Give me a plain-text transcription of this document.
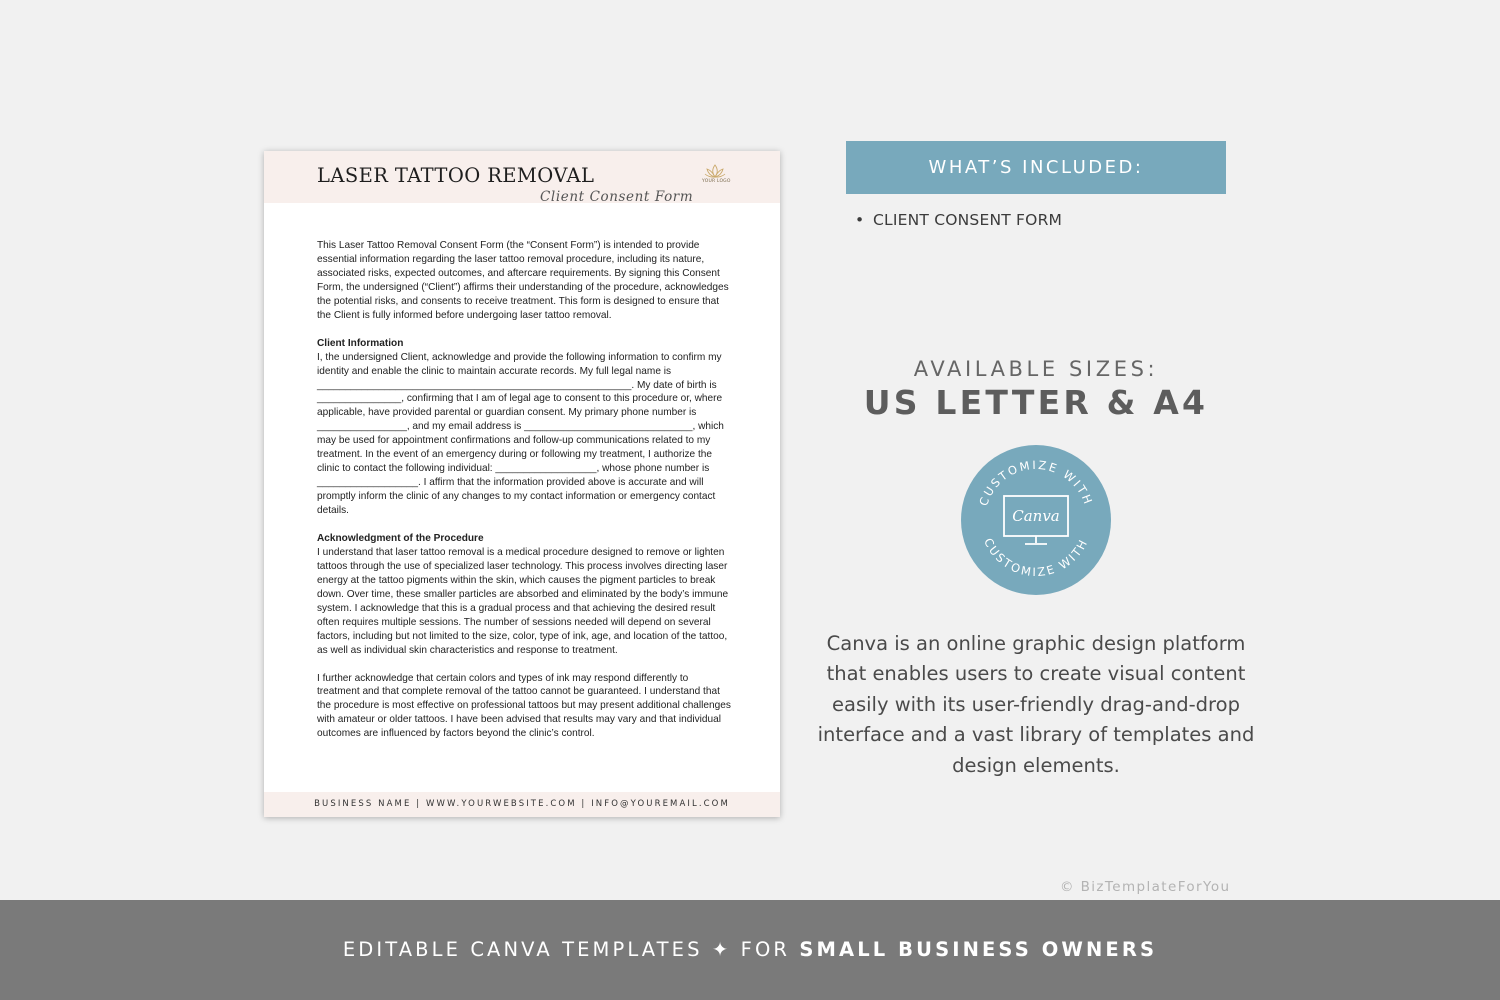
LASER TATTOO REMOVAL
Client Consent Form
YOUR LOGO

This Laser Tattoo Removal Consent Form (the “Consent Form”) is intended to provide essential information regarding the laser tattoo removal procedure, including its nature, associated risks, expected outcomes, and aftercare requirements. By signing this Consent Form, the undersigned (“Client”) affirms their understanding of the procedure, acknowledges the potential risks, and consents to receive treatment. This form is designed to ensure that the Client is fully informed before undergoing laser tattoo removal.

Client Information
I, the undersigned Client, acknowledge and provide the following information to confirm my identity and enable the clinic to maintain accurate records. My full legal name is ________________________________________________________. My date of birth is _______________, confirming that I am of legal age to consent to this procedure or, where applicable, have provided parental or guardian consent. My primary phone number is ________________, and my email address is ______________________________, which may be used for appointment confirmations and follow-up communications related to my treatment. In the event of an emergency during or following my treatment, I authorize the clinic to contact the following individual: __________________, whose phone number is __________________. I affirm that the information provided above is accurate and will promptly inform the clinic of any changes to my contact information or emergency contact details.

Acknowledgment of the Procedure
I understand that laser tattoo removal is a medical procedure designed to remove or lighten tattoos through the use of specialized laser technology. This process involves directing laser energy at the tattoo pigments within the skin, which causes the pigment particles to break down. Over time, these smaller particles are absorbed and eliminated by the body’s immune system. I acknowledge that this is a gradual process and that achieving the desired result often requires multiple sessions. The number of sessions needed will depend on several factors, including but not limited to the size, color, type of ink, age, and location of the tattoo, as well as individual skin characteristics and response to treatment.

I further acknowledge that certain colors and types of ink may respond differently to treatment and that complete removal of the tattoo cannot be guaranteed. I understand that the procedure is most effective on professional tattoos but may present additional challenges with amateur or older tattoos. I have been advised that results may vary and that individual outcomes are influenced by factors beyond the clinic’s control.

BUSINESS NAME | WWW.YOURWEBSITE.COM | INFO@YOUREMAIL.COM
WHAT’S INCLUDED:
• CLIENT CONSENT FORM
AVAILABLE SIZES:
US LETTER & A4
CUSTOMIZE WITH
CUSTOMIZE WITH
Canva
Canva is an online graphic design platform that enables users to create visual content easily with its user-friendly drag-and-drop interface and a vast library of templates and design elements.
© BizTemplateForYou
EDITABLE CANVA TEMPLATES ✦ FOR SMALL BUSINESS OWNERS
